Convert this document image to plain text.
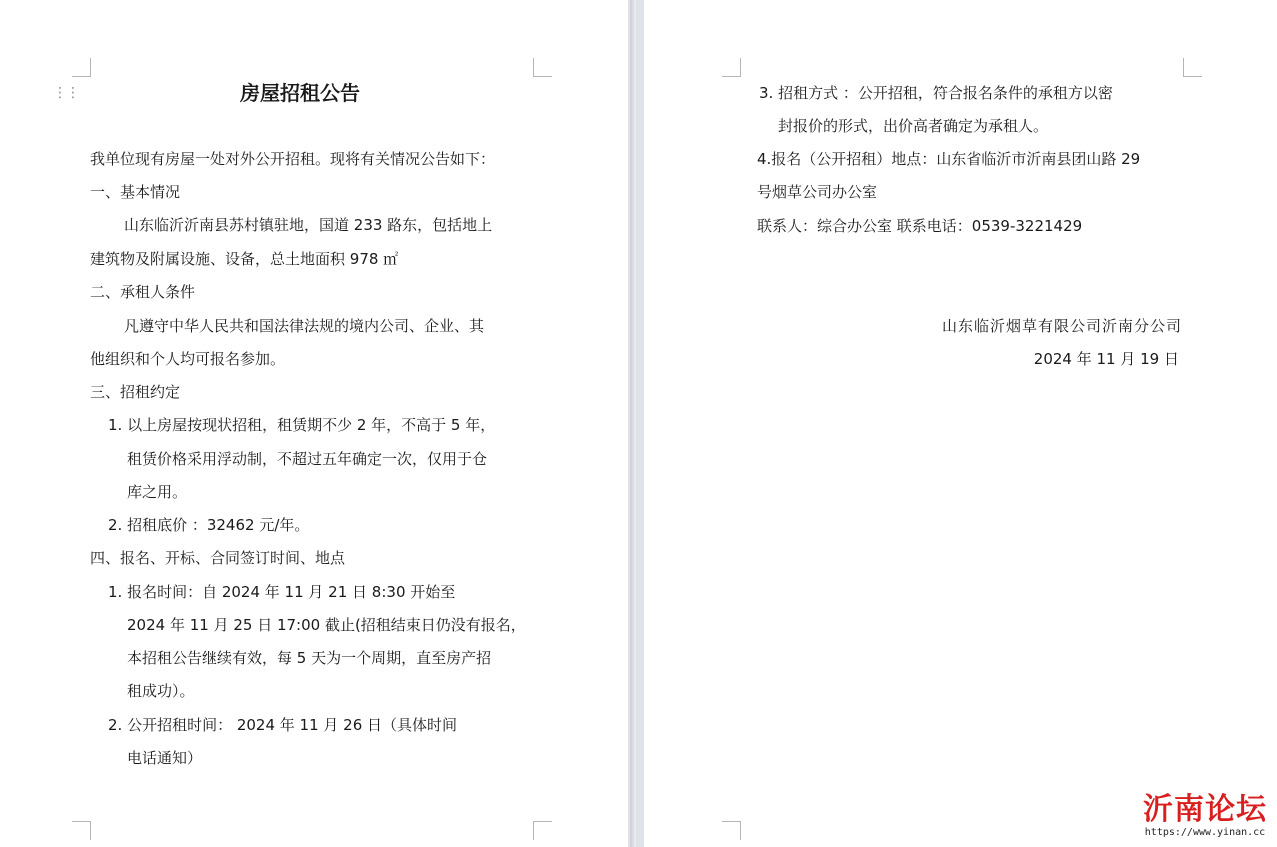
⋮⋮	房屋招租公告
我单位现有房屋一处对外公开招租。现将有关情况公告如下：
一、基本情况
山东临沂沂南县苏村镇驻地，国道 233 路东，包括地上
建筑物及附属设施、设备，总土地面积 978 ㎡
二、承租人条件
凡遵守中华人民共和国法律法规的境内公司、企业、其
他组织和个人均可报名参加。
三、招租约定
1. 以上房屋按现状招租，租赁期不少 2 年，不高于 5 年，
租赁价格采用浮动制，不超过五年确定一次，仅用于仓
库之用。
2. 招租底价 ：32462 元/年。
四、报名、开标、合同签订时间、地点
1. 报名时间：自 2024 年 11 月 21 日 8:30 开始至
2024 年 11 月 25 日 17:00 截止(招租结束日仍没有报名，
本招租公告继续有效，每 5 天为一个周期，直至房产招
租成功）。
2. 公开招租时间： 2024 年 11 月 26 日（具体时间
电话通知）
3. 招租方式 ：公开招租，符合报名条件的承租方以密
封报价的形式，出价高者确定为承租人。
4.报名（公开招租）地点：山东省临沂市沂南县团山路 29
号烟草公司办公室
联系人：综合办公室 联系电话：0539-3221429
山东临沂烟草有限公司沂南分公司
2024 年 11 月 19 日
沂南论坛
https://www.yinan.cc
